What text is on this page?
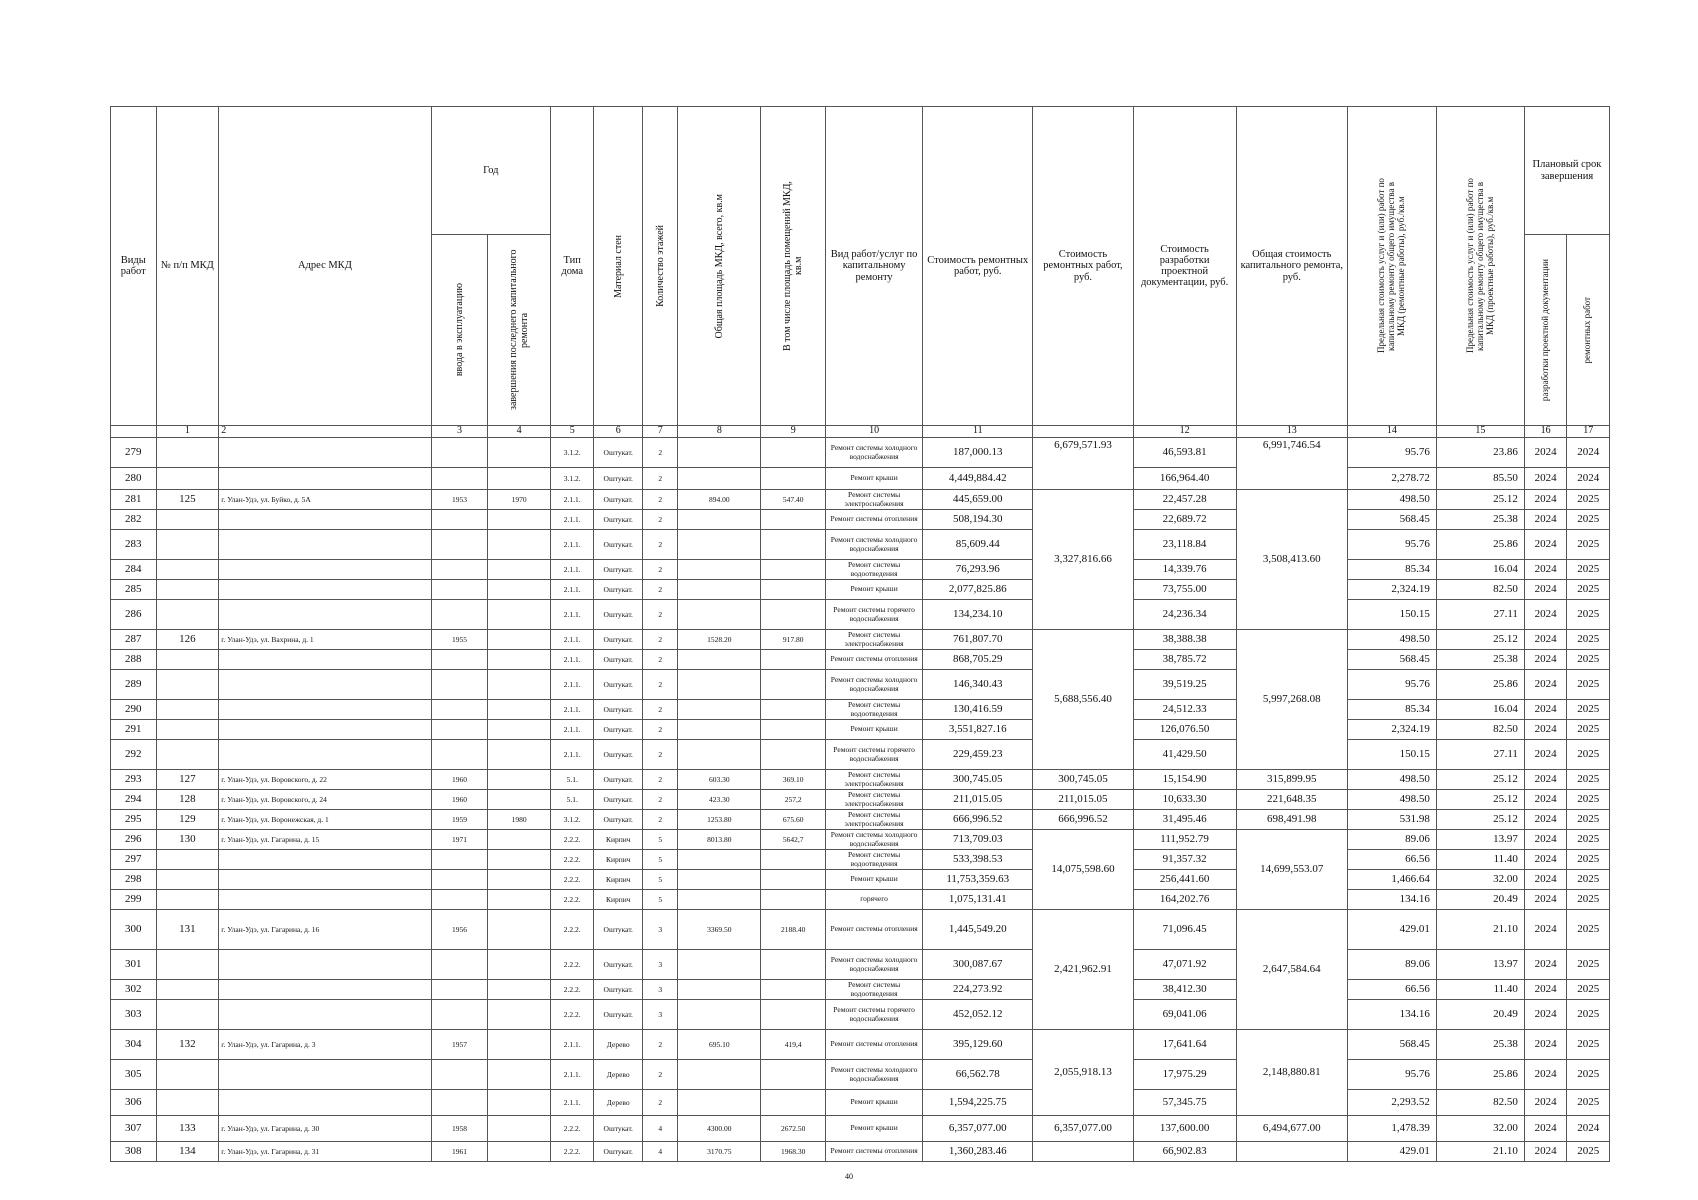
Виды работ	№ п/п МКД	Адрес МКД	Год		Тип дома	Материал стен	Количество этажей	Общая площадь МКД, всего, кв.м	В том числе площадь помещений МКД, кв.м	Вид работ/услуг по капитальному ремонту	Стоимость ремонтных работ, руб.	Стоимость ремонтных работ, руб.	Стоимость разработки проектной документации, руб.	Общая стоимость капитального ремонта, руб.	Предельная стоимость услуг и (или) работ по капитальному ремонту общего имущества в МКД (ремонтные работы), руб./кв.м	Предельная стоимость услуг и (или) работ по капитальному ремонту общего имущества в МКД (проектные работы), руб./кв.м	Плановый срок завершения	

			ввода в эксплуатацию	завершения последнего капитального ремонта													разработки проектной документации	ремонтных работ

	1	2	3	4	5	6	7	8	9	10	11		12	13	14	15	16	17
279					3.1.2.	Оштукат.	2			Ремонт системы холодного водоснабжения	187,000.13	6,679,571.93	46,593.81	6,991,746.54	95.76	23.86	2024	2024
280					3.1.2.	Оштукат.	2			Ремонт крыши	4,449,884.42		166,964.40		2,278.72	85.50	2024	2024
281	125	г. Улан-Удэ, ул. Буйко, д. 5А	1953	1970	2.1.1.	Оштукат.	2	894.00	547.40	Ремонт системы электроснабжения	445,659.00	3,327,816.66	22,457.28	3,508,413.60	498.50	25.12	2024	2025
282					2.1.1.	Оштукат.	2			Ремонт системы отопления	508,194.30		22,689.72		568.45	25.38	2024	2025
283					2.1.1.	Оштукат.	2			Ремонт системы холодного водоснабжения	85,609.44		23,118.84		95.76	25.86	2024	2025
284					2.1.1.	Оштукат.	2			Ремонт системы водоотведения	76,293.96		14,339.76		85.34	16.04	2024	2025
285					2.1.1.	Оштукат.	2			Ремонт крыши	2,077,825.86		73,755.00		2,324.19	82.50	2024	2025
286					2.1.1.	Оштукат.	2			Ремонт системы горячего водоснабжения	134,234.10		24,236.34		150.15	27.11	2024	2025
287	126	г. Улан-Удэ, ул. Вахрина, д. 1	1955		2.1.1.	Оштукат.	2	1528.20	917.80	Ремонт системы электроснабжения	761,807.70	5,688,556.40	38,388.38	5,997,268.08	498.50	25.12	2024	2025
288					2.1.1.	Оштукат.	2			Ремонт системы отопления	868,705.29		38,785.72		568.45	25.38	2024	2025
289					2.1.1.	Оштукат.	2			Ремонт системы холодного водоснабжения	146,340.43		39,519.25		95.76	25.86	2024	2025
290					2.1.1.	Оштукат.	2			Ремонт системы водоотведения	130,416.59		24,512.33		85.34	16.04	2024	2025
291					2.1.1.	Оштукат.	2			Ремонт крыши	3,551,827.16		126,076.50		2,324.19	82.50	2024	2025
292					2.1.1.	Оштукат.	2			Ремонт системы горячего водоснабжения	229,459.23		41,429.50		150.15	27.11	2024	2025
293	127	г. Улан-Удэ, ул. Воровского, д. 22	1960		5.1.	Оштукат.	2	603.30	369.10	Ремонт системы электроснабжения	300,745.05	300,745.05	15,154.90	315,899.95	498.50	25.12	2024	2025
294	128	г. Улан-Удэ, ул. Воровского, д. 24	1960		5.1.	Оштукат.	2	423.30	257,2	Ремонт системы электроснабжения	211,015.05	211,015.05	10,633.30	221,648.35	498.50	25.12	2024	2025
295	129	г. Улан-Удэ, ул. Воронежская, д. 1	1959	1980	3.1.2.	Оштукат.	2	1253.80	675.60	Ремонт системы электроснабжения	666,996.52	666,996.52	31,495.46	698,491.98	531.98	25.12	2024	2025
296	130	г. Улан-Удэ, ул. Гагарина, д. 15	1971		2.2.2.	Кирпич	5	8013.80	5642,7	Ремонт системы холодного водоснабжения	713,709.03	14,075,598.60	111,952.79	14,699,553.07	89.06	13.97	2024	2025
297					2.2.2.	Кирпич	5			Ремонт системы водоотведения	533,398.53		91,357.32		66.56	11.40	2024	2025
298					2.2.2.	Кирпич	5			Ремонт крыши	11,753,359.63		256,441.60		1,466.64	32.00	2024	2025
299					2.2.2.	Кирпич	5			горячего	1,075,131.41		164,202.76		134.16	20.49	2024	2025
300	131	г. Улан-Удэ, ул. Гагарина, д. 16	1956		2.2.2.	Оштукат.	3	3369.50	2188.40	Ремонт системы отопления	1,445,549.20	2,421,962.91	71,096.45	2,647,584.64	429.01	21.10	2024	2025
301					2.2.2.	Оштукат.	3			Ремонт системы холодного водоснабжения	300,087.67		47,071.92		89.06	13.97	2024	2025
302					2.2.2.	Оштукат.	3			Ремонт системы водоотведения	224,273.92		38,412.30		66.56	11.40	2024	2025
303					2.2.2.	Оштукат.	3			Ремонт системы горячего водоснабжения	452,052.12		69,041.06		134.16	20.49	2024	2025
304	132	г. Улан-Удэ, ул. Гагарина, д. 3	1957		2.1.1.	Дерево	2	695.10	419,4	Ремонт системы отопления	395,129.60	2,055,918.13	17,641.64	2,148,880.81	568.45	25.38	2024	2025
305					2.1.1.	Дерево	2			Ремонт системы холодного водоснабжения	66,562.78		17,975.29		95.76	25.86	2024	2025
306					2.1.1.	Дерево	2			Ремонт крыши	1,594,225.75		57,345.75		2,293.52	82.50	2024	2025
307	133	г. Улан-Удэ, ул. Гагарина, д. 30	1958		2.2.2.	Оштукат.	4	4300.00	2672.50	Ремонт крыши	6,357,077.00	6,357,077.00	137,600.00	6,494,677.00	1,478.39	32.00	2024	2024
308	134	г. Улан-Удэ, ул. Гагарина, д. 31	1961		2.2.2.	Оштукат.	4	3170.75	1968.30	Ремонт системы отопления	1,360,283.46		66,902.83		429.01	21.10	2024	2025
40
